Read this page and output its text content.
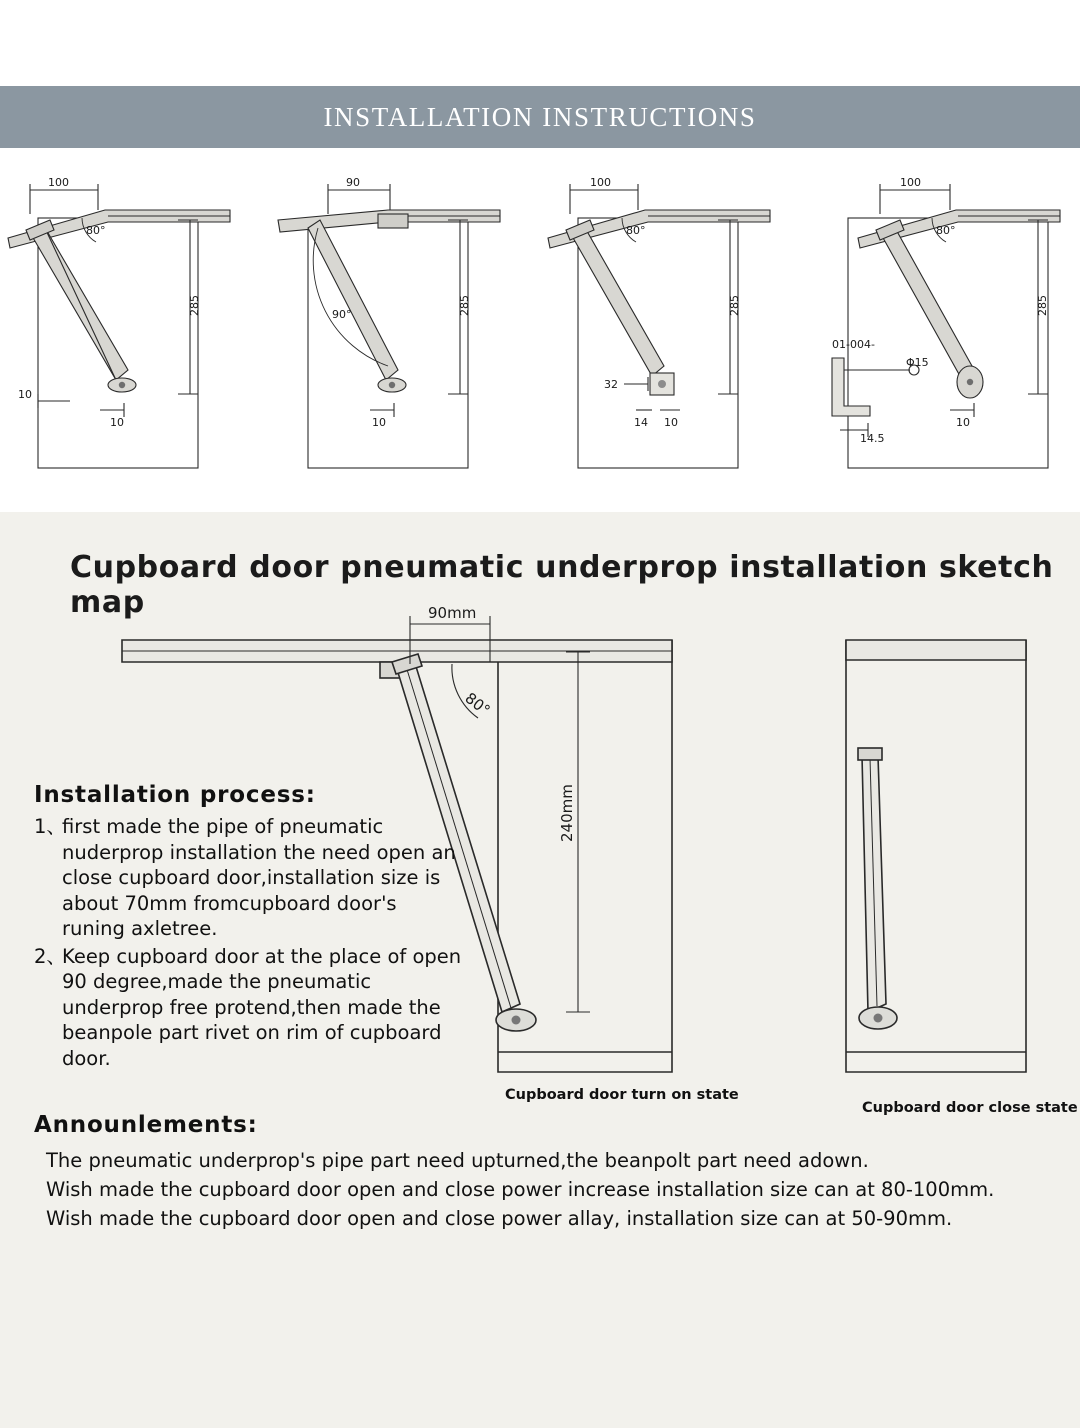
INSTALLATION INSTRUCTIONS
100
80°
285
10
10
90
90°	285
10
100
80°
285
32
14 10
100
80°
285
01-004-
Φ15
14.5
10
Cupboard door pneumatic underprop installation sketch map	90mm
80°
240mm
Cupboard door turn on state
Cupboard door close state
Installation process:
1、
first made the pipe of pneumatic nuderprop installation the need open an close cupboard door,installation size is about 70mm fromcupboard door's runing axletree.
2、
Keep cupboard door at the place of open 90 degree,made the pneumatic underprop free protend,then made the beanpole part rivet on rim of cupboard door.
Announlements:
The pneumatic underprop's pipe part need upturned,the beanpolt part need adown.
Wish made the cupboard door open and close power increase installation size can at 80-100mm.
Wish made the cupboard door open and close power allay, installation size can at 50-90mm.
